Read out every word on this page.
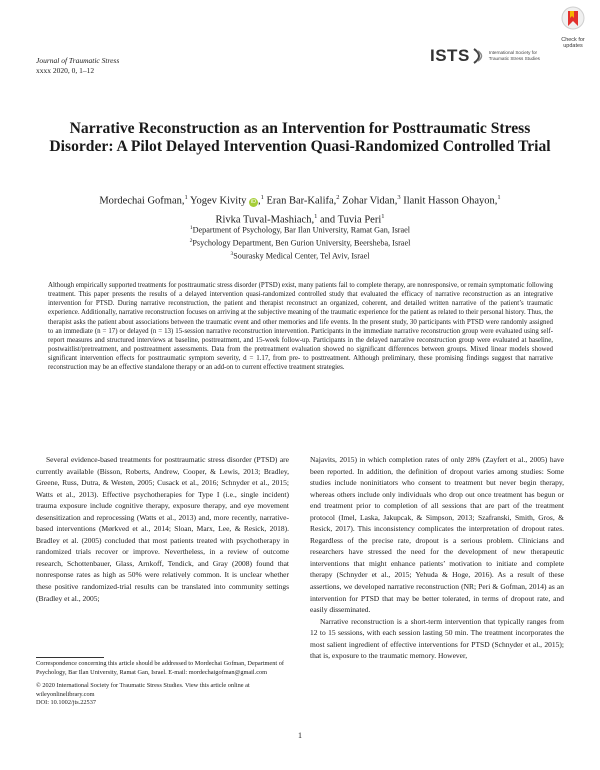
Journal of Traumatic Stress
xxxx 2020, 0, 1–12
ISTS	International Society for Traumatic Stress Studies
Check for updates
Narrative Reconstruction as an Intervention for Posttraumatic Stress Disorder: A Pilot Delayed Intervention Quasi-Randomized Controlled Trial
Mordechai Gofman,$^1$ Yogev Kivity iD ,$^1$ Eran Bar-Kalifa,$^2$ Zohar Vidan,$^3$ Ilanit Hasson Ohayon,$^1$
Rivka Tuval-Mashiach,$^1$ and Tuvia Peri$^1$
$^1$Department of Psychology, Bar Ilan University, Ramat Gan, Israel
$^2$Psychology Department, Ben Gurion University, Beersheba, Israel
$^3$Sourasky Medical Center, Tel Aviv, Israel
Although empirically supported treatments for posttraumatic stress disorder (PTSD) exist, many patients fail to complete therapy, are nonresponsive, or remain symptomatic following treatment. This paper presents the results of a delayed intervention quasi-randomized controlled study that evaluated the efficacy of narrative reconstruction as an integrative intervention for PTSD. During narrative reconstruction, the patient and therapist reconstruct an organized, coherent, and detailed written narrative of the patient’s traumatic experience. Additionally, narrative reconstruction focuses on arriving at the subjective meaning of the traumatic experience for the patient as related to their personal history. Thus, the therapist asks the patient about associations between the traumatic event and other memories and life events. In the present study, 30 participants with PTSD were randomly assigned to an immediate (n = 17) or delayed (n = 13) 15-session narrative reconstruction intervention. Participants in the immediate narrative reconstruction group were evaluated using self-report measures and structured interviews at baseline, posttreatment, and 15-week follow-up. Participants in the delayed narrative reconstruction group were evaluated at baseline, postwaitlist/pretreatment, and posttreatment assessments. Data from the pretreatment evaluation showed no significant differences between groups. Mixed linear models showed significant intervention effects for posttraumatic symptom severity, d = 1.17, from pre- to posttreatment. Although preliminary, these promising findings suggest that narrative reconstruction may be an effective standalone therapy or an add-on to current effective treatment strategies.

Several evidence-based treatments for posttraumatic stress disorder (PTSD) are currently available (Bisson, Roberts, Andrew, Cooper, & Lewis, 2013; Bradley, Greene, Russ, Dutra, & Westen, 2005; Cusack et al., 2016; Schnyder et al., 2015; Watts et al., 2013). Effective psychotherapies for Type I (i.e., single incident) trauma exposure include cognitive therapy, exposure therapy, and eye movement desensitization and reprocessing (Watts et al., 2013) and, more recently, narrative-based interventions (Mørkved et al., 2014; Sloan, Marx, Lee, & Resick, 2018). Bradley et al. (2005) concluded that most patients treated with psychotherapy in randomized trials recover or improve. Nevertheless, in a review of outcome research, Schottenbauer, Glass, Arnkoff, Tendick, and Gray (2008) found that nonresponse rates as high as 50% were relatively common. It is unclear whether these positive randomized-trial results can be translated into community settings (Bradley et al., 2005;

Najavits, 2015) in which completion rates of only 28% (Zayfert et al., 2005) have been reported. In addition, the definition of dropout varies among studies: Some studies include noninitiators who consent to treatment but never begin therapy, whereas others include only individuals who drop out once treatment has begun or end treatment prior to completion of all sessions that are part of the treatment protocol (Imel, Laska, Jakupcak, & Simpson, 2013; Szafranski, Smith, Gros, & Resick, 2017). This inconsistency complicates the interpretation of dropout rates. Regardless of the precise rate, dropout is a serious problem. Clinicians and researchers have stressed the need for the development of new therapeutic interventions that might enhance patients’ motivation to initiate and complete therapy (Schnyder et al., 2015; Yehuda & Hoge, 2016). As a result of these assertions, we developed narrative reconstruction (NR; Peri & Gofman, 2014) as an intervention for PTSD that may be better tolerated, in terms of dropout rate, and easily disseminated.

Narrative reconstruction is a short-term intervention that typically ranges from 12 to 15 sessions, with each session lasting 50 min. The treatment incorporates the most salient ingredient of effective interventions for PTSD (Schnyder et al., 2015); that is, exposure to the traumatic memory. However,

Correspondence concerning this article should be addressed to Mordechai Gofman, Department of Psychology, Bar Ilan University, Ramat Gan, Israel. E-mail: mordechaigofman@gmail.com

© 2020 International Society for Traumatic Stress Studies. View this article online at wileyonlinelibrary.com

DOI: 10.1002/jts.22537

1
